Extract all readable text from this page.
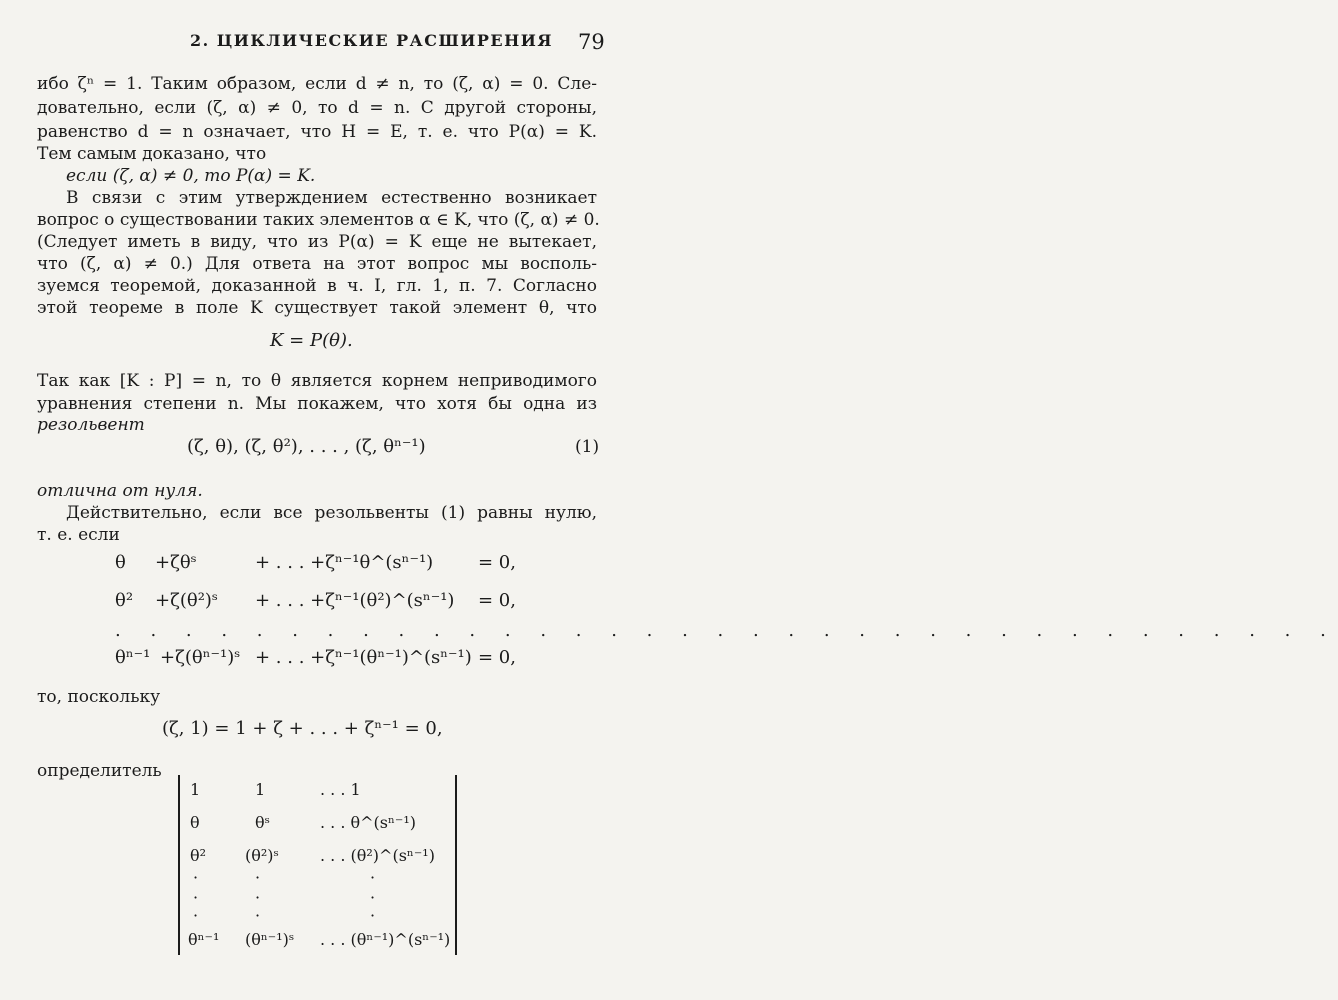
2. ЦИКЛИЧЕСКИЕ РАСШИРЕНИЯ 79
ибо ζⁿ = 1. Таким образом, если d ≠ n, то (ζ, α) = 0. Сле-
довательно, если (ζ, α) ≠ 0, то d = n. С другой стороны,
равенство d = n означает, что H = E, т. е. что P(α) = K.
Тем самым доказано, что
если (ζ, α) ≠ 0, то P(α) = K.
В связи с этим утверждением естественно возникает
вопрос о существовании таких элементов α ∈ K, что (ζ, α) ≠ 0.
(Следует иметь в виду, что из P(α) = K еще не вытекает,
что (ζ, α) ≠ 0.) Для ответа на этот вопрос мы восполь-
зуемся теоремой, доказанной в ч. I, гл. 1, п. 7. Согласно
этой теореме в поле K существует такой элемент θ, что
K = P(θ).
Так как [K : P] = n, то θ является корнем неприводимого
уравнения степени n. Мы покажем, что хотя бы одна из
резольвент
(ζ, θ), (ζ, θ²), . . . , (ζ, θⁿ⁻¹)	(1)
отлична от нуля.
Действительно, если все резольвенты (1) равны нулю,
т. е. если
θ +ζθˢ	+ . . . +ζⁿ⁻¹θ^(sⁿ⁻¹) = 0,
θ² +ζ(θ²)ˢ + . . . +ζⁿ⁻¹(θ²)^(sⁿ⁻¹) = 0,
. . . . . . . . . . . . . . . . . . . . . . . . . . . . . . . . . . .
θⁿ⁻¹ +ζ(θⁿ⁻¹)ˢ + . . . +ζⁿ⁻¹(θⁿ⁻¹)^(sⁿ⁻¹) = 0,
то, поскольку
(ζ, 1) = 1 + ζ + . . . + ζⁿ⁻¹ = 0,
определитель
1	1	. . . 1
θ	θˢ	. . . θ^(sⁿ⁻¹)
θ² (θ²)ˢ	. . . (θ²)^(sⁿ⁻¹)
·	·	·
·	·	·
·	·	·
θⁿ⁻¹ (θⁿ⁻¹)ˢ . . . (θⁿ⁻¹)^(sⁿ⁻¹)
